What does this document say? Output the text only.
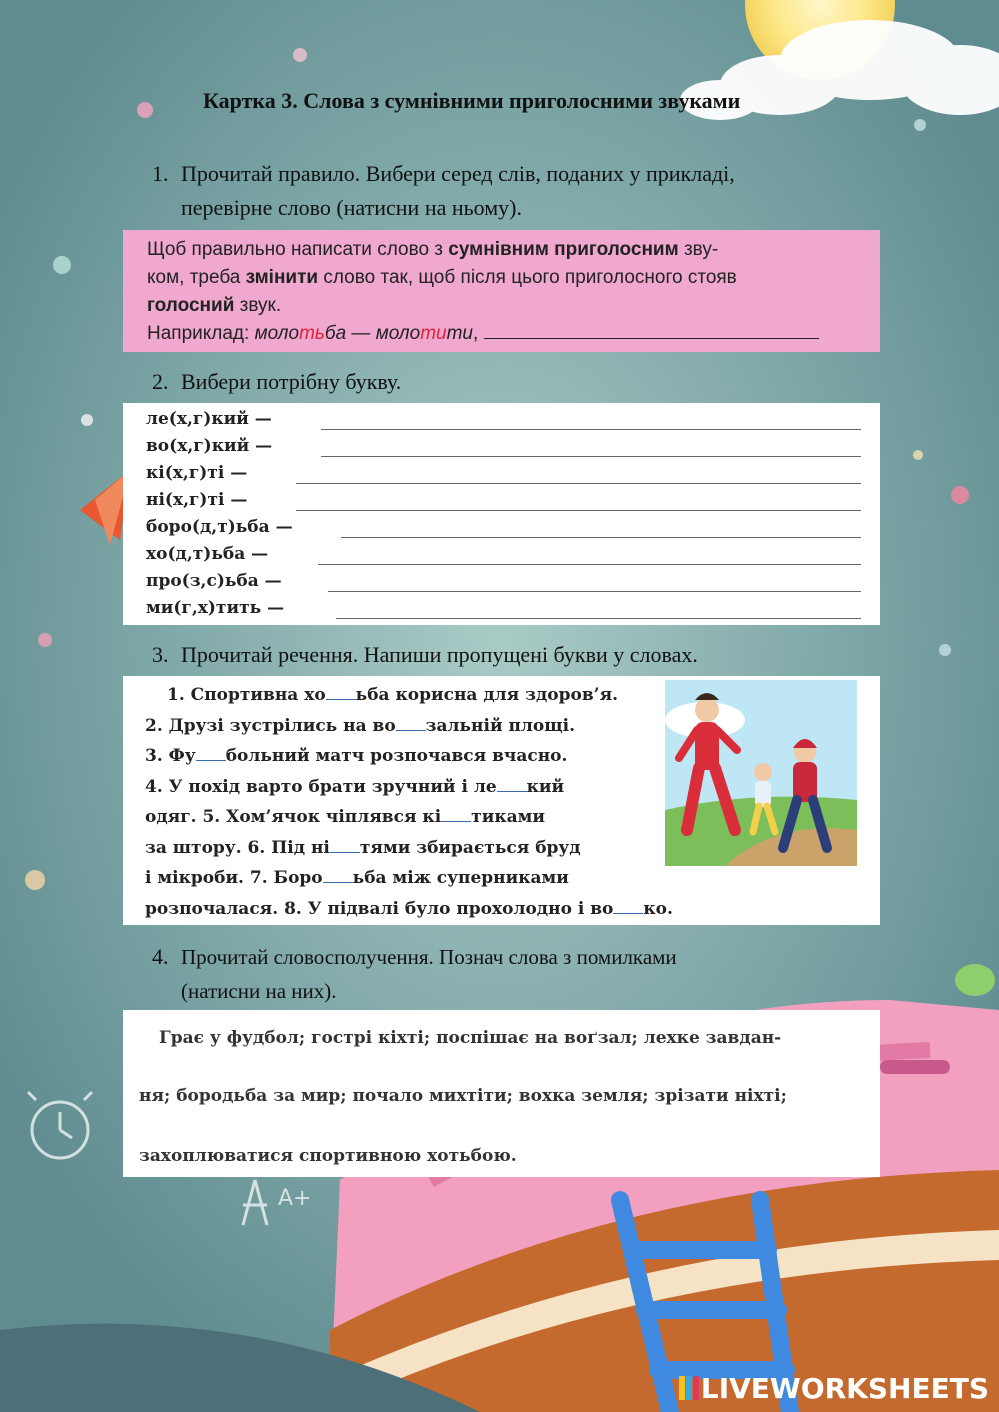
A+
Картка 3. Слова з сумнівними приголосними звуками
1. Прочитай правило. Вибери серед слів, поданих у прикладі,
перевірне слово (натисни на ньому).
Щоб правильно написати слово з сумнівним приголосним зву-
ком, треба змінити слово так, щоб після цього приголосного стояв
голосний звук.
Наприклад: молотьба — молотити,
2. Вибери потрібну букву.
ле(х,г)кий —
во(х,г)кий —
кі(х,г)ті —
ні(х,г)ті —
боро(д,т)ьба —
хо(д,т)ьба —
про(з,с)ьба —
ми(г,х)тить —
3. Прочитай речення. Напиши пропущені букви у словах.
1. Спортивна хо ьба корисна для здоров’я.
2. Друзі зустрілись на во зальній площі.
3. Фу больний матч розпочався вчасно.
4. У похід варто брати зручний і ле кий
одяг. 5. Хом’ячок чіплявся кі тиками
за штору. 6. Під ні тями збирається бруд
і мікроби. 7. Боро ьба між суперниками
розпочалася. 8. У підвалі було прохолодно і во ко.
4. Прочитай словосполучення. Познач слова з помилками
(натисни на них).
Грає у фудбол; гострі кіхті; поспішає на воґзал; лехке завдан-
ня; бородьба за мир; почало михтіти; вохка земля; зрізати ніхті;
захоплюватися спортивною хотьбою.
LIVEWORKSHEETS
